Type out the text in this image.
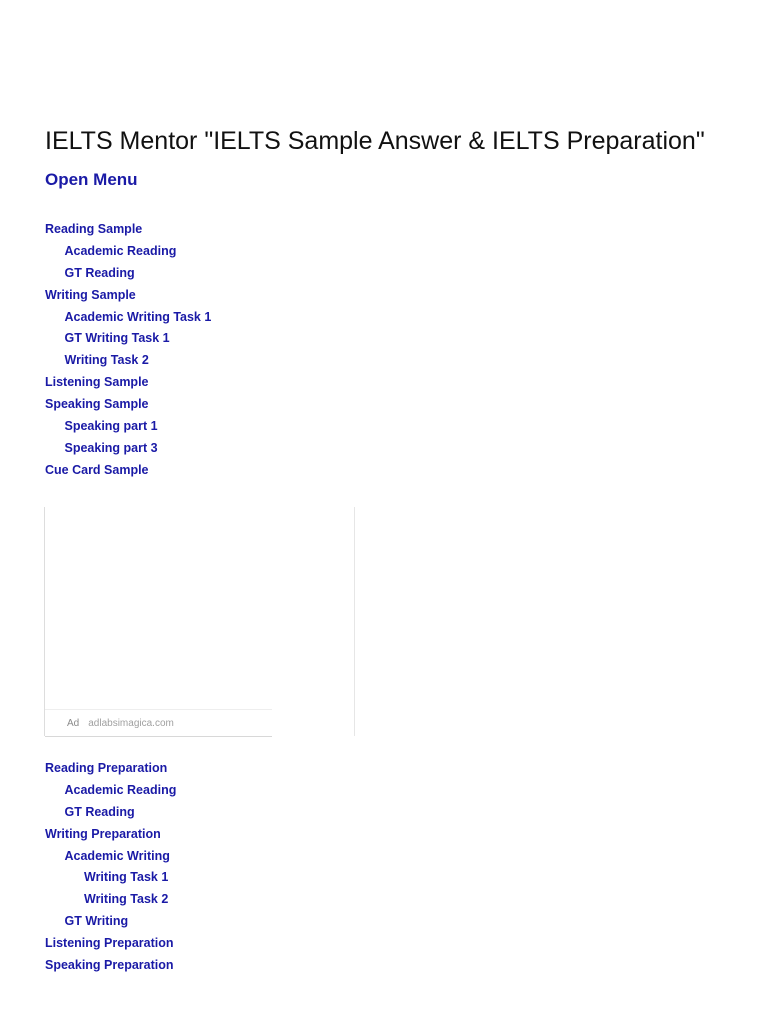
IELTS Mentor "IELTS Sample Answer & IELTS Preparation"
Open Menu
Reading Sample
Academic Reading
GT Reading
Writing Sample
Academic Writing Task 1
GT Writing Task 1
Writing Task 2
Listening Sample
Speaking Sample
Speaking part 1
Speaking part 3
Cue Card Sample
Ad adlabsimagica.com
Reading Preparation
Academic Reading
GT Reading
Writing Preparation
Academic Writing
Writing Task 1
Writing Task 2
GT Writing
Listening Preparation
Speaking Preparation
